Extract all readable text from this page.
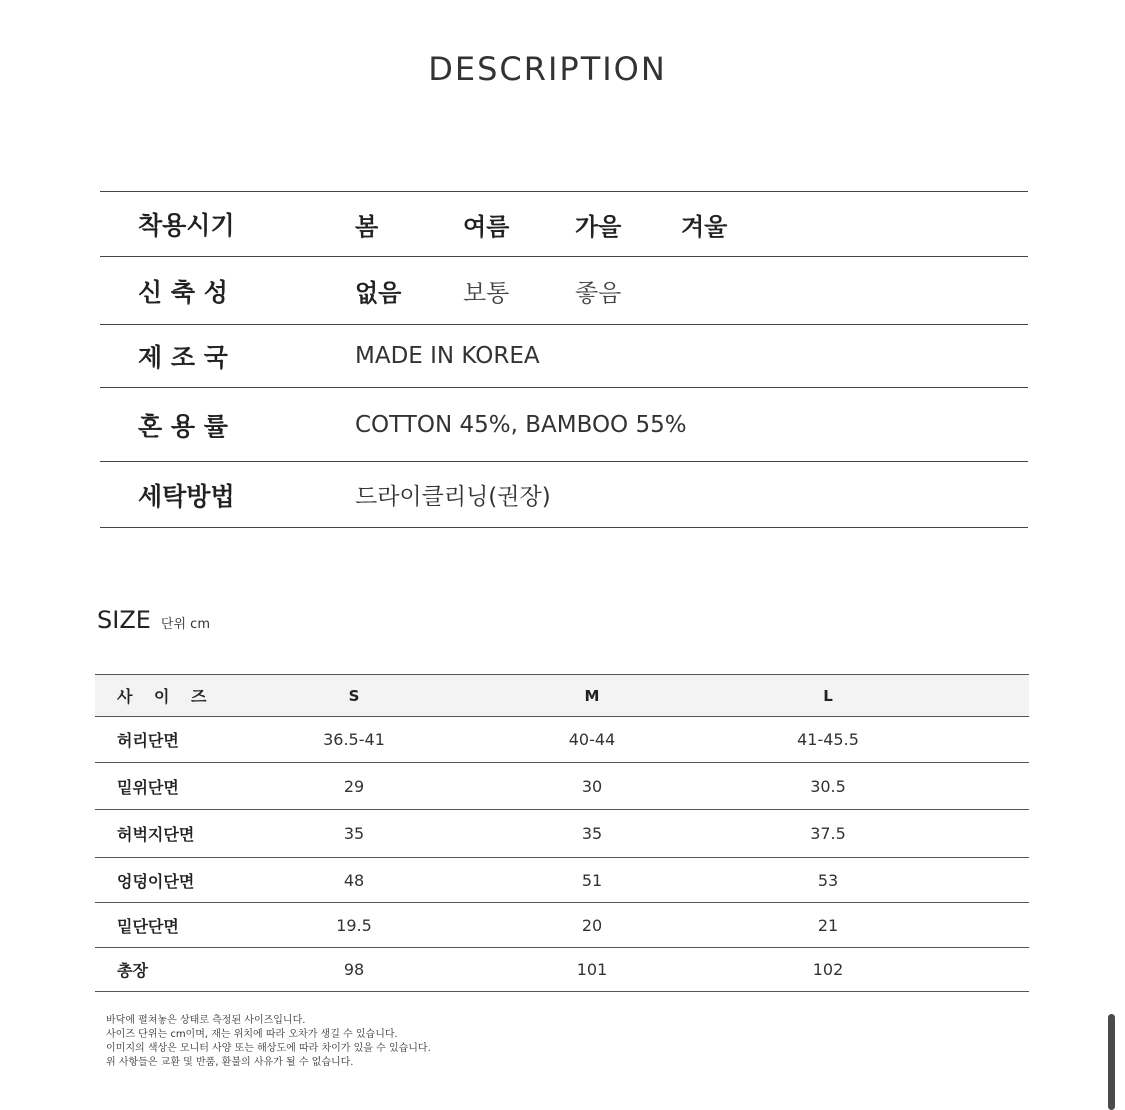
DESCRIPTION
착용시기	봄	여름	가을	겨울
신 축 성	없음	보통	좋음
제 조 국	MADE IN KOREA
혼 용 률	COTTON 45%, BAMBOO 55%
세탁방법	드라이클리닝(권장)
SIZE 단위 cm
사 이 즈	S	M	L
허리단면	36.5-41	40-44	41-45.5
밑위단면	29	30	30.5
허벅지단면	35	35	37.5
엉덩이단면	48	51	53
밑단단면	19.5	20	21
총장	98	101	102
바닥에 펼쳐놓은 상태로 측정된 사이즈입니다.
사이즈 단위는 cm이며, 재는 위치에 따라 오차가 생길 수 있습니다.
이미지의 색상은 모니터 사양 또는 해상도에 따라 차이가 있을 수 있습니다.
위 사항들은 교환 및 반품, 환불의 사유가 될 수 없습니다.
